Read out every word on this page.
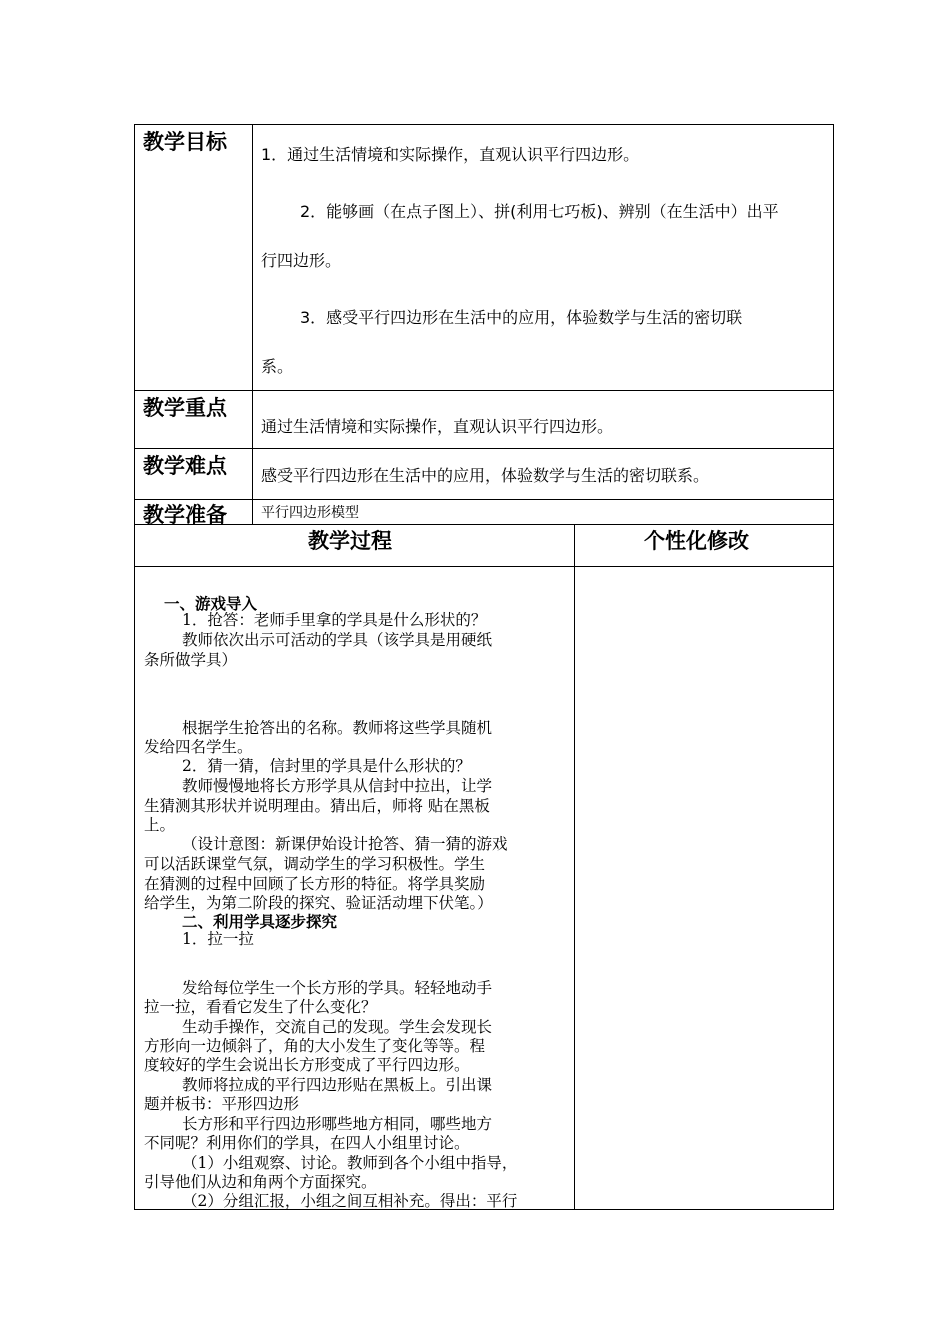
教学目标
教学重点
教学难点
教学准备
1．通过生活情境和实际操作，直观认识平行四边形。
2．能够画（在点子图上）、拼(利用七巧板)、辨别（在生活中）出平
行四边形。
3．感受平行四边形在生活中的应用，体验数学与生活的密切联
系。
通过生活情境和实际操作，直观认识平行四边形。
感受平行四边形在生活中的应用，体验数学与生活的密切联系。
平行四边形模型
教学过程	个性化修改
一、游戏导入
1．抢答：老师手里拿的学具是什么形状的？
教师依次出示可活动的学具（该学具是用硬纸
条所做学具）
根据学生抢答出的名称。教师将这些学具随机
发给四名学生。
2．猜一猜，信封里的学具是什么形状的？
教师慢慢地将长方形学具从信封中拉出，让学
生猜测其形状并说明理由。猜出后，师将 贴在黑板
上。
（设计意图：新课伊始设计抢答、猜一猜的游戏
可以活跃课堂气氛，调动学生的学习积极性。学生
在猜测的过程中回顾了长方形的特征。将学具奖励
给学生，为第二阶段的探究、验证活动埋下伏笔。）
二、利用学具逐步探究
1．拉一拉
发给每位学生一个长方形的学具。轻轻地动手
拉一拉，看看它发生了什么变化？
生动手操作，交流自己的发现。学生会发现长
方形向一边倾斜了，角的大小发生了变化等等。程
度较好的学生会说出长方形变成了平行四边形。
教师将拉成的平行四边形贴在黑板上。引出课
题并板书：平形四边形
长方形和平行四边形哪些地方相同，哪些地方
不同呢？利用你们的学具，在四人小组里讨论。
（1）小组观察、讨论。教师到各个小组中指导，
引导他们从边和角两个方面探究。
（2）分组汇报，小组之间互相补充。得出：平行
